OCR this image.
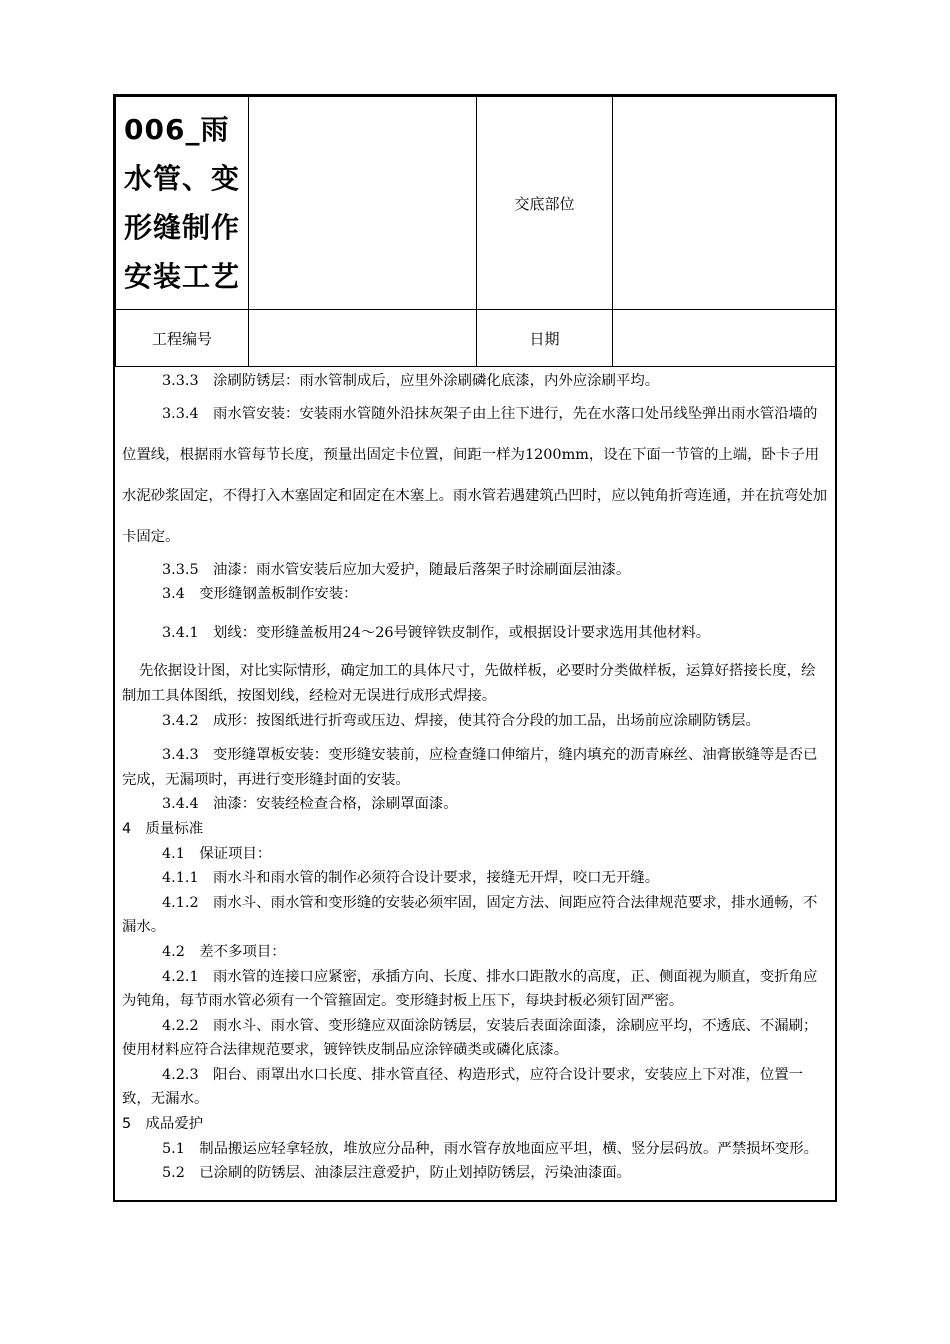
006_雨水管、变形缝制作安装工艺		交底部位	
工程编号		日期	

3.3.3　涂刷防锈层：雨水管制成后，应里外涂刷磷化底漆，内外应涂刷平均。

3.3.4　雨水管安装：安装雨水管随外沿抹灰架子由上往下进行，先在水落口处吊线坠弹出雨水管沿墙的位置线，根据雨水管每节长度，预量出固定卡位置，间距一样为1200mm，设在下面一节管的上端，卧卡子用水泥砂浆固定，不得打入木塞固定和固定在木塞上。雨水管若遇建筑凸凹时，应以钝角折弯连通，并在抗弯处加卡固定。

3.3.5　油漆：雨水管安装后应加大爱护，随最后落架子时涂刷面层油漆。

3.4　变形缝钢盖板制作安装：

3.4.1　划线：变形缝盖板用24～26号镀锌铁皮制作，或根据设计要求选用其他材料。

先依据设计图，对比实际情形，确定加工的具体尺寸，先做样板，必要时分类做样板，运算好搭接长度，绘制加工具体图纸，按图划线，经检对无误进行成形式焊接。

3.4.2　成形：按图纸进行折弯或压边、焊接，使其符合分段的加工品，出场前应涂刷防锈层。

3.4.3　变形缝罩板安装：变形缝安装前，应检查缝口伸缩片，缝内填充的沥青麻丝、油膏嵌缝等是否已完成，无漏项时，再进行变形缝封面的安装。

3.4.4　油漆：安装经检查合格，涂刷罩面漆。

4　质量标准

4.1　保证项目：

4.1.1　雨水斗和雨水管的制作必须符合设计要求，接缝无开焊，咬口无开缝。

4.1.2　雨水斗、雨水管和变形缝的安装必须牢固，固定方法、间距应符合法律规范要求，排水通畅，不漏水。

4.2　差不多项目：

4.2.1　雨水管的连接口应紧密，承插方向、长度、排水口距散水的高度，正、侧面视为顺直，变折角应为钝角，每节雨水管必须有一个管箍固定。变形缝封板上压下，每块封板必须钉固严密。

4.2.2　雨水斗、雨水管、变形缝应双面涂防锈层，安装后表面涂面漆，涂刷应平均，不透底、不漏刷；使用材料应符合法律规范要求，镀锌铁皮制品应涂锌磺类或磷化底漆。

4.2.3　阳台、雨罩出水口长度、排水管直径、构造形式，应符合设计要求，安装应上下对准，位置一致，无漏水。

5　成品爱护

5.1　制品搬运应轻拿轻放，堆放应分品种，雨水管存放地面应平坦，横、竖分层码放。严禁损坏变形。

5.2　已涂刷的防锈层、油漆层注意爱护，防止划掉防锈层，污染油漆面。
